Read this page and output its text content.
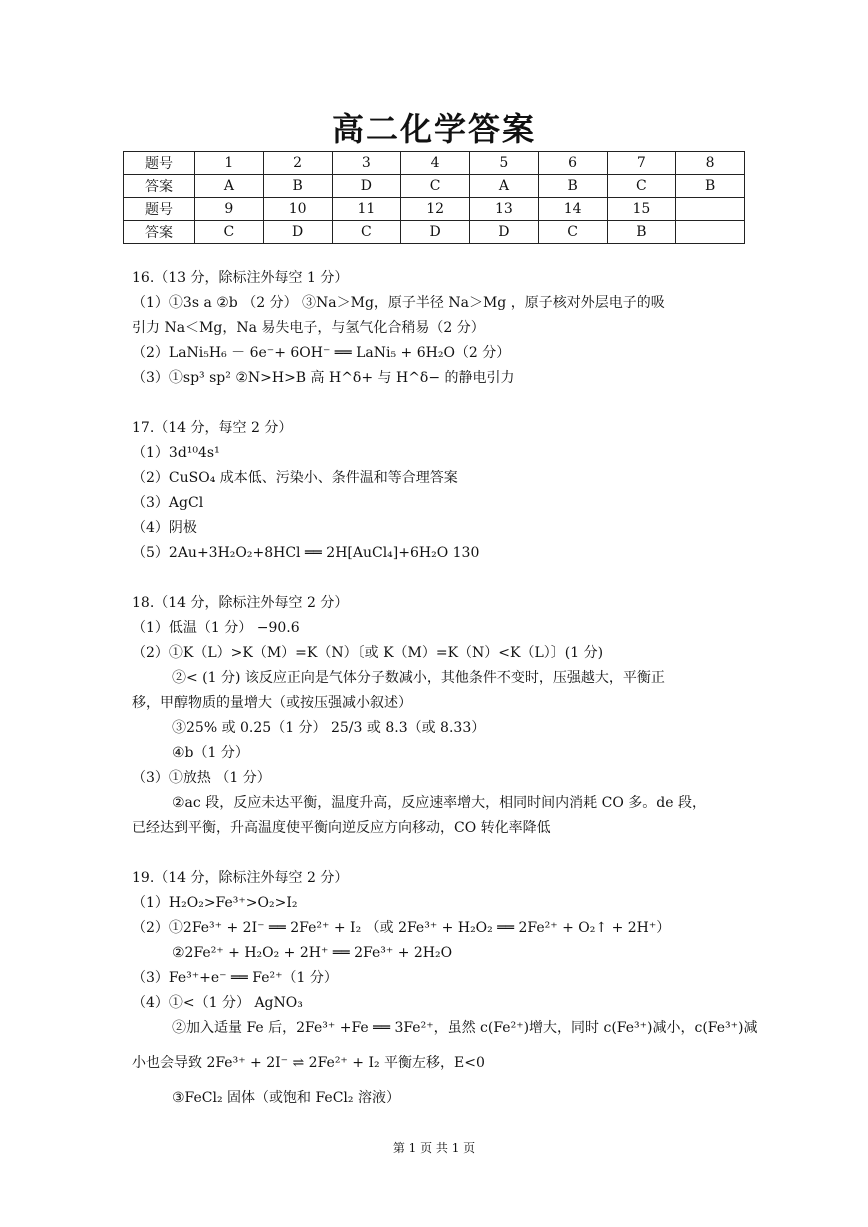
高二化学答案
题号	1	2	3	4	5	6	7	8
答案	A	B	D	C	A	B	C	B
题号	9	10	11	12	13	14	15	
答案	C	D	C	D	D	C	B	
16.（13 分，除标注外每空 1 分）
（1）①3s a ②b （2 分） ③Na＞Mg，原子半径 Na＞Mg ，原子核对外层电子的吸
引力 Na＜Mg，Na 易失电子，与氢气化合稍易（2 分）
（2）LaNi₅H₆ － 6e⁻+ 6OH⁻ ══ LaNi₅ + 6H₂O（2 分）
（3）①sp³ sp² ②N>H>B 高 H^δ+ 与 H^δ− 的静电引力
17.（14 分，每空 2 分）
（1）3d¹⁰4s¹
（2）CuSO₄ 成本低、污染小、条件温和等合理答案
（3）AgCl
（4）阴极
（5）2Au+3H₂O₂+8HCl ══ 2H[AuCl₄]+6H₂O 130
18.（14 分，除标注外每空 2 分）
（1）低温（1 分） −90.6
（2）①K（L）>K（M）=K（N）〔或 K（M）=K（N）<K（L）〕(1 分)
②< (1 分) 该反应正向是气体分子数减小，其他条件不变时，压强越大，平衡正
移，甲醇物质的量增大（或按压强减小叙述）
③25% 或 0.25（1 分） 25/3 或 8.3（或 8.33）
④b（1 分）
（3）①放热 （1 分）
②ac 段，反应未达平衡，温度升高，反应速率增大，相同时间内消耗 CO 多。de 段，
已经达到平衡，升高温度使平衡向逆反应方向移动，CO 转化率降低
19.（14 分，除标注外每空 2 分）
（1）H₂O₂>Fe³⁺>O₂>I₂
（2）①2Fe³⁺ + 2I⁻ ══ 2Fe²⁺ + I₂ （或 2Fe³⁺ + H₂O₂ ══ 2Fe²⁺ + O₂↑ + 2H⁺）
②2Fe²⁺ + H₂O₂ + 2H⁺ ══ 2Fe³⁺ + 2H₂O
（3）Fe³⁺+e⁻ ══ Fe²⁺（1 分）
（4）①<（1 分） AgNO₃
②加入适量 Fe 后，2Fe³⁺ +Fe ══ 3Fe²⁺，虽然 c(Fe²⁺)增大，同时 c(Fe³⁺)减小，c(Fe³⁺)减
小也会导致 2Fe³⁺ + 2I⁻ ⇌ 2Fe²⁺ + I₂ 平衡左移，E<0
③FeCl₂ 固体（或饱和 FeCl₂ 溶液）
第 1 页 共 1 页
